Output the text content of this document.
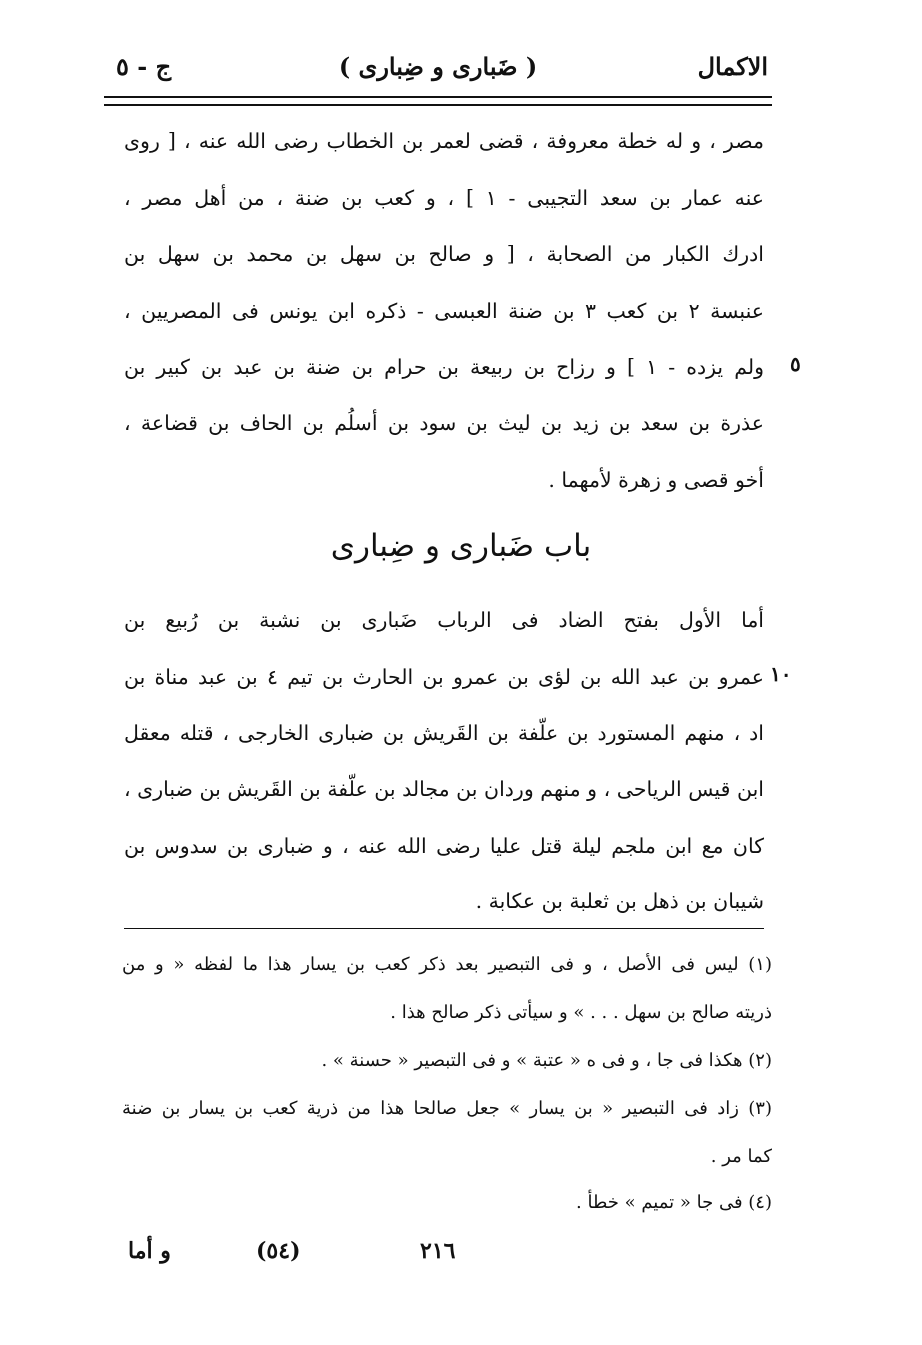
الاكمال
( ضَبارى و ضِبارى )
ج - ٥
مصر ، و له خطة معروفة ، قضى لعمر بن الخطاب رضى الله عنه ، [ روى
عنه عمار بن سعد التجيبى - ١ ] ، و كعب بن ضنة ، من أهل مصر ،
ادرك الكبار من الصحابة ، [ و صالح بن سهل بن محمد بن سهل بن
عنبسة ٢ بن كعب ٣ بن ضنة العبسى - ذكره ابن يونس فى المصريين ،
ولم يزده - ١ ] و رزاح بن ربيعة بن حرام بن ضنة بن عبد بن كبير بن ٥
عذرة بن سعد بن زيد بن ليث بن سود بن أسلُم بن الحاف بن قضاعة ،
أخو قصى و زهرة لأمهما .
باب ضَبارى و ضِبارى
أما الأول بفتح الضاد فى الرباب ضَبارى بن نشبة بن رُبيع بن
عمرو بن عبد الله بن لؤى بن عمرو بن الحارث بن تيم ٤ بن عبد مناة بن ١٠
اد ، منهم المستورد بن علّفة بن القَريش بن ضبارى الخارجى ، قتله معقل
ابن قيس الرياحى ، و منهم وردان بن مجالد بن علّفة بن القَريش بن ضبارى ،
كان مع ابن ملجم ليلة قتل عليا رضى الله عنه ، و ضبارى بن سدوس بن
شيبان بن ذهل بن ثعلبة بن عكابة .
(١) ليس فى الأصل ، و فى التبصير بعد ذكر كعب بن يسار هذا ما لفظه « و من
ذريته صالح بن سهل . . . » و سيأتى ذكر صالح هذا .
(٢) هكذا فى جا ، و فى ه « عتبة » و فى التبصير « حسنة » .
(٣) زاد فى التبصير « بن يسار » جعل صالحا هذا من ذرية كعب بن يسار بن ضنة
كما مر .
(٤) فى جا « تميم » خطأ .
٢١٦
(٥٤)
و أما
